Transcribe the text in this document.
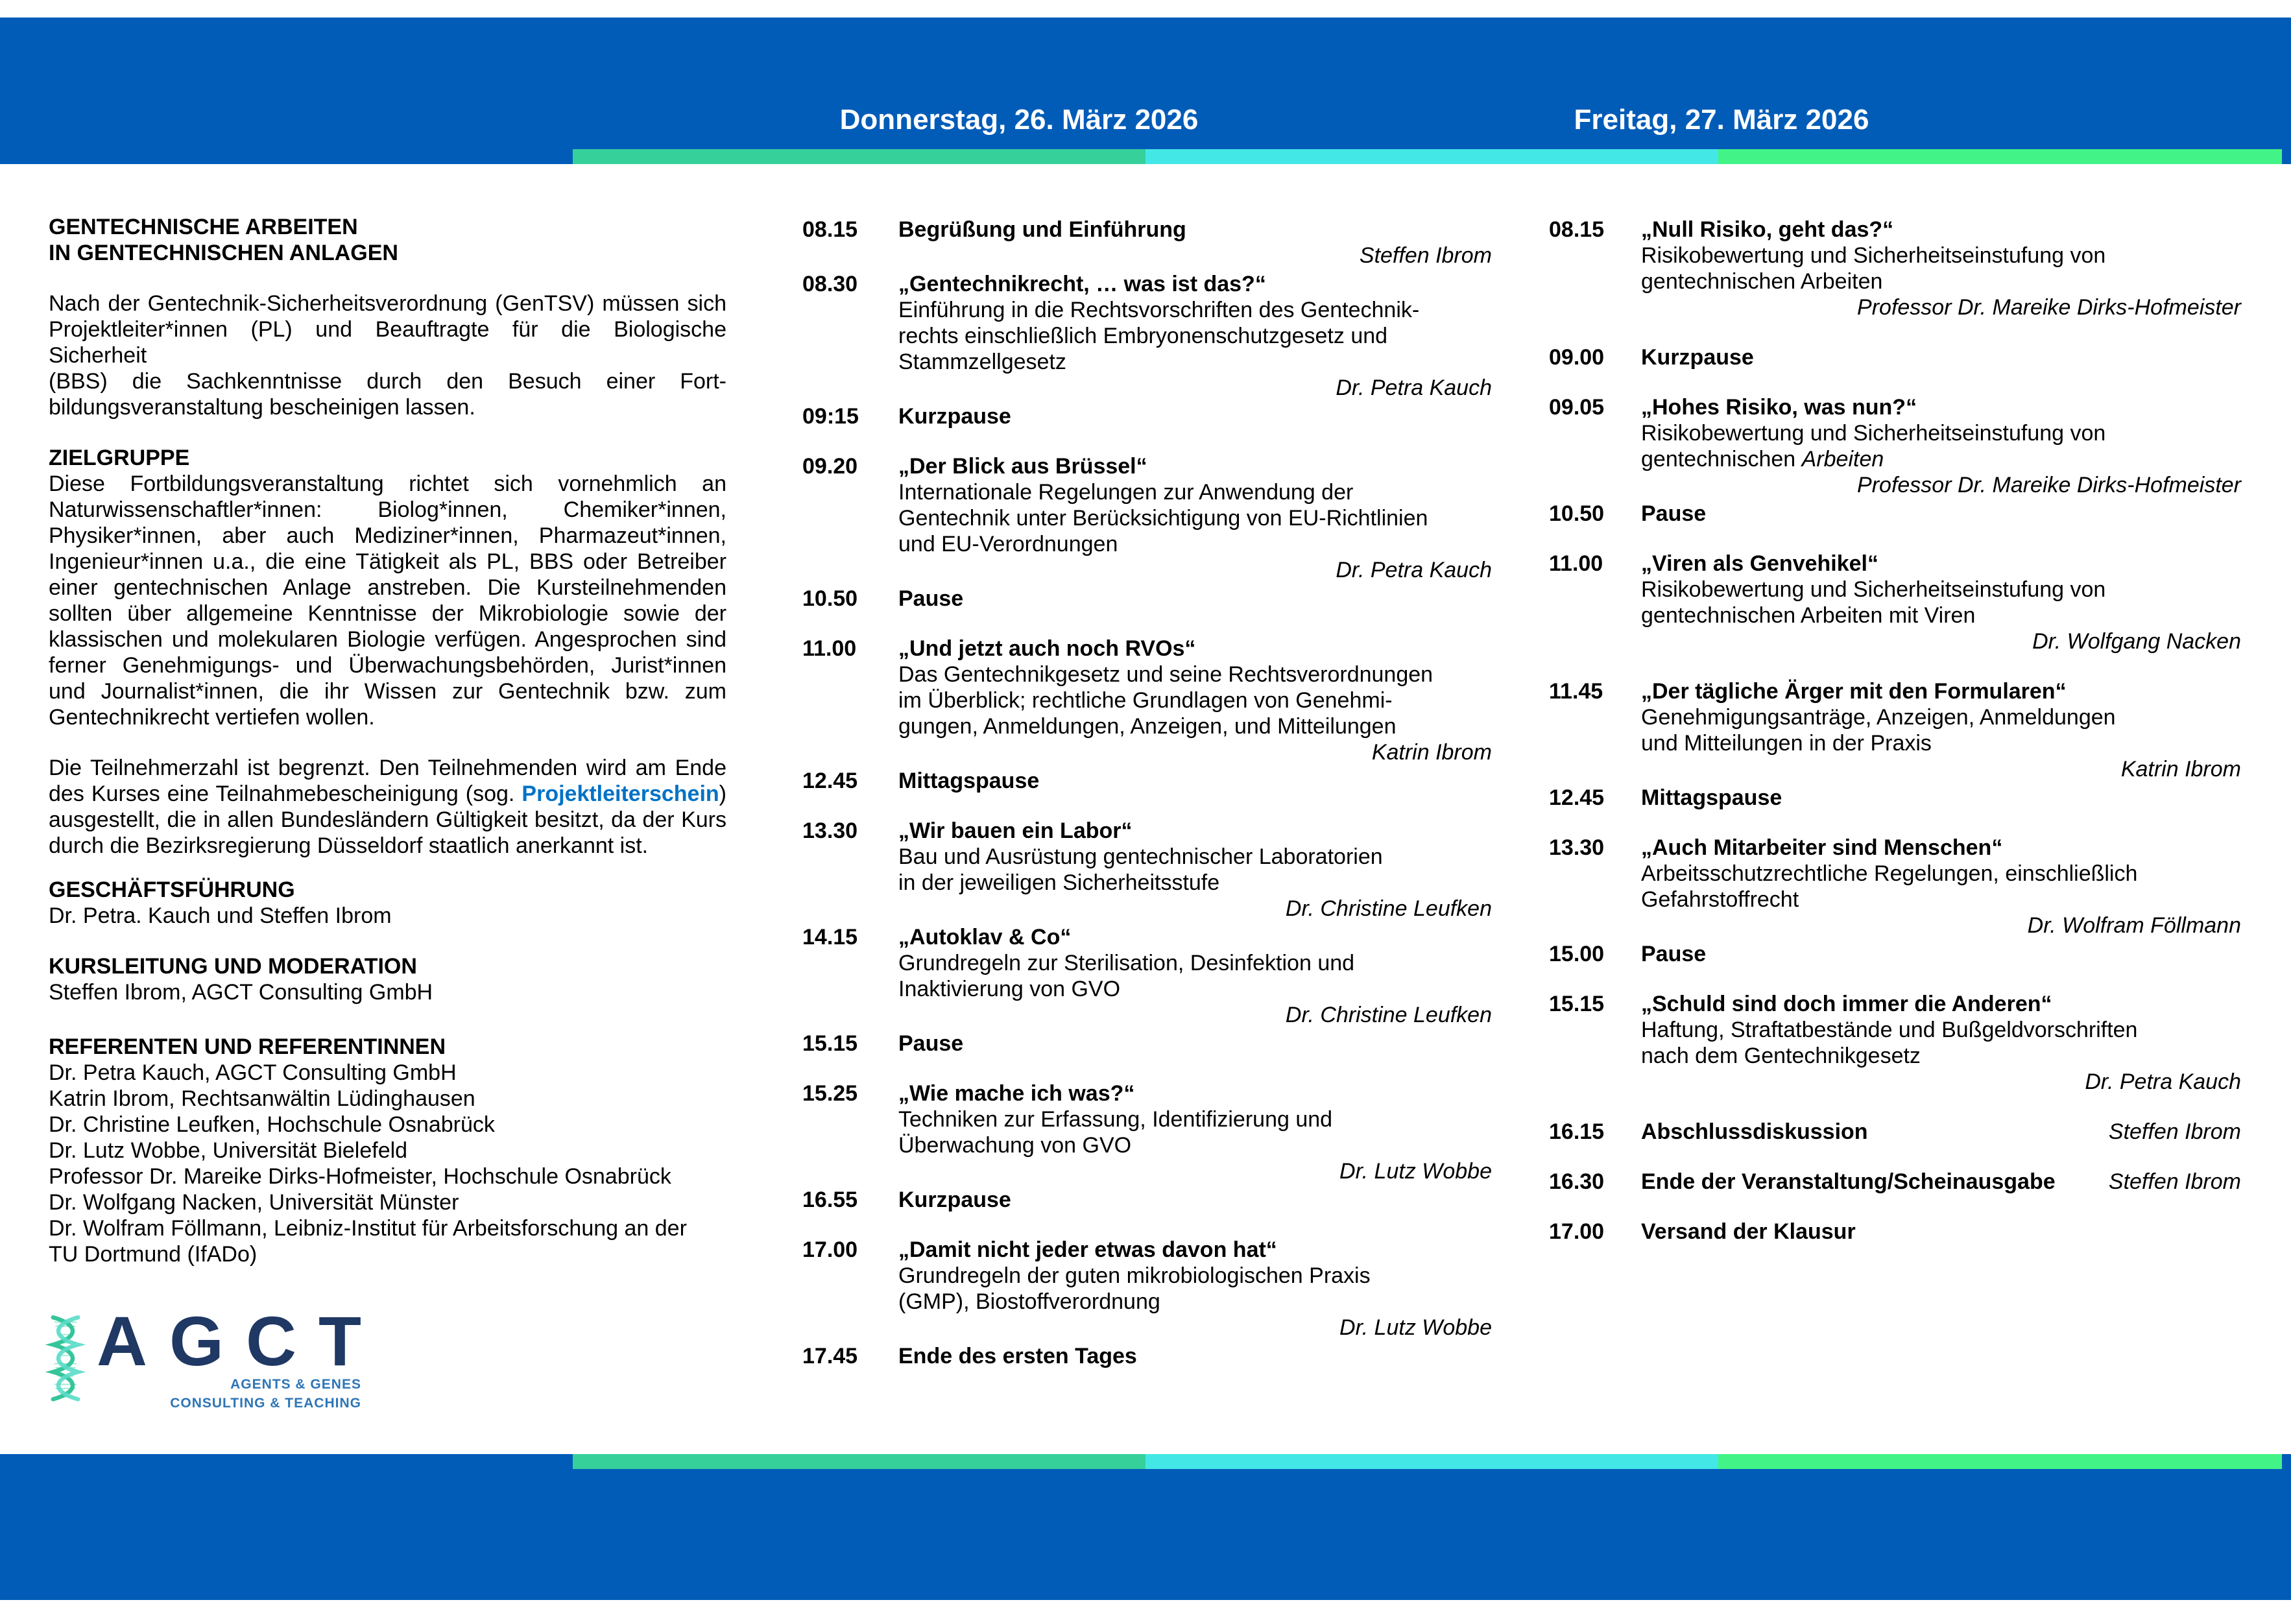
Donnerstag, 26. März 2026	Freitag, 27. März 2026
GENTECHNISCHE ARBEITEN
IN GENTECHNISCHEN ANLAGEN
Nach der Gentechnik-Sicherheitsverordnung (GenTSV) müssen sich
Projektleiter*innen (PL) und Beauftragte für die Biologische Sicherheit
(BBS) die Sachkenntnisse durch den Besuch einer Fort-
bildungsveranstaltung bescheinigen lassen.
ZIELGRUPPE
Diese Fortbildungsveranstaltung richtet sich vornehmlich an
Naturwissenschaftler*innen: Biolog*innen, Chemiker*innen,
Physiker*innen, aber auch Mediziner*innen, Pharmazeut*innen,
Ingenieur*innen u.a., die eine Tätigkeit als PL, BBS oder Betreiber
einer gentechnischen Anlage anstreben. Die Kursteilnehmenden
sollten über allgemeine Kenntnisse der Mikrobiologie sowie der
klassischen und molekularen Biologie verfügen. Angesprochen sind
ferner Genehmigungs- und Überwachungsbehörden, Jurist*innen
und Journalist*innen, die ihr Wissen zur Gentechnik bzw. zum
Gentechnikrecht vertiefen wollen.
Die Teilnehmerzahl ist begrenzt. Den Teilnehmenden wird am Ende
des Kurses eine Teilnahmebescheinigung (sog. Projektleiterschein)
ausgestellt, die in allen Bundesländern Gültigkeit besitzt, da der Kurs
durch die Bezirksregierung Düsseldorf staatlich anerkannt ist.
GESCHÄFTSFÜHRUNG
Dr. Petra. Kauch und Steffen Ibrom
KURSLEITUNG UND MODERATION
Steffen Ibrom, AGCT Consulting GmbH
REFERENTEN UND REFERENTINNEN
Dr. Petra Kauch, AGCT Consulting GmbH
Katrin Ibrom, Rechtsanwältin Lüdinghausen
Dr. Christine Leufken, Hochschule Osnabrück
Dr. Lutz Wobbe, Universität Bielefeld
Professor Dr. Mareike Dirks-Hofmeister, Hochschule Osnabrück
Dr. Wolfgang Nacken, Universität Münster
Dr. Wolfram Föllmann, Leibniz-Institut für Arbeitsforschung an der
TU Dortmund (IfADo)
AGCT
AGENTS & GENES
CONSULTING & TEACHING
08.15 Begrüßung und Einführung
Steffen Ibrom
08.30 „Gentechnikrecht, … was ist das?“
Einführung in die Rechtsvorschriften des Gentechnik-
rechts einschließlich Embryonenschutzgesetz und
Stammzellgesetz
Dr. Petra Kauch
09:15 Kurzpause
09.20 „Der Blick aus Brüssel“
Internationale Regelungen zur Anwendung der
Gentechnik unter Berücksichtigung von EU-Richtlinien
und EU-Verordnungen
Dr. Petra Kauch
10.50 Pause
11.00 „Und jetzt auch noch RVOs“
Das Gentechnikgesetz und seine Rechtsverordnungen
im Überblick; rechtliche Grundlagen von Genehmi-
gungen, Anmeldungen, Anzeigen, und Mitteilungen
Katrin Ibrom
12.45 Mittagspause
13.30 „Wir bauen ein Labor“
Bau und Ausrüstung gentechnischer Laboratorien
in der jeweiligen Sicherheitsstufe
Dr. Christine Leufken
14.15 „Autoklav & Co“
Grundregeln zur Sterilisation, Desinfektion und
Inaktivierung von GVO
Dr. Christine Leufken
15.15 Pause
15.25 „Wie mache ich was?“
Techniken zur Erfassung, Identifizierung und
Überwachung von GVO
Dr. Lutz Wobbe
16.55 Kurzpause
17.00 „Damit nicht jeder etwas davon hat“
Grundregeln der guten mikrobiologischen Praxis
(GMP), Biostoffverordnung
Dr. Lutz Wobbe
17.45 Ende des ersten Tages
08.15 „Null Risiko, geht das?“
Risikobewertung und Sicherheitseinstufung von
gentechnischen Arbeiten
Professor Dr. Mareike Dirks-Hofmeister
09.00 Kurzpause
09.05 „Hohes Risiko, was nun?“
Risikobewertung und Sicherheitseinstufung von
gentechnischen Arbeiten
Professor Dr. Mareike Dirks-Hofmeister
10.50 Pause
11.00 „Viren als Genvehikel“
Risikobewertung und Sicherheitseinstufung von
gentechnischen Arbeiten mit Viren
Dr. Wolfgang Nacken
11.45 „Der tägliche Ärger mit den Formularen“
Genehmigungsanträge, Anzeigen, Anmeldungen
und Mitteilungen in der Praxis
Katrin Ibrom
12.45 Mittagspause
13.30 „Auch Mitarbeiter sind Menschen“
Arbeitsschutzrechtliche Regelungen, einschließlich
Gefahrstoffrecht
Dr. Wolfram Föllmann
15.00 Pause
15.15 „Schuld sind doch immer die Anderen“
Haftung, Straftatbestände und Bußgeldvorschriften
nach dem Gentechnikgesetz
Dr. Petra Kauch
16.15 Abschlussdiskussion	Steffen Ibrom
16.30 Ende der Veranstaltung/Scheinausgabe Steffen Ibrom
17.00 Versand der Klausur
